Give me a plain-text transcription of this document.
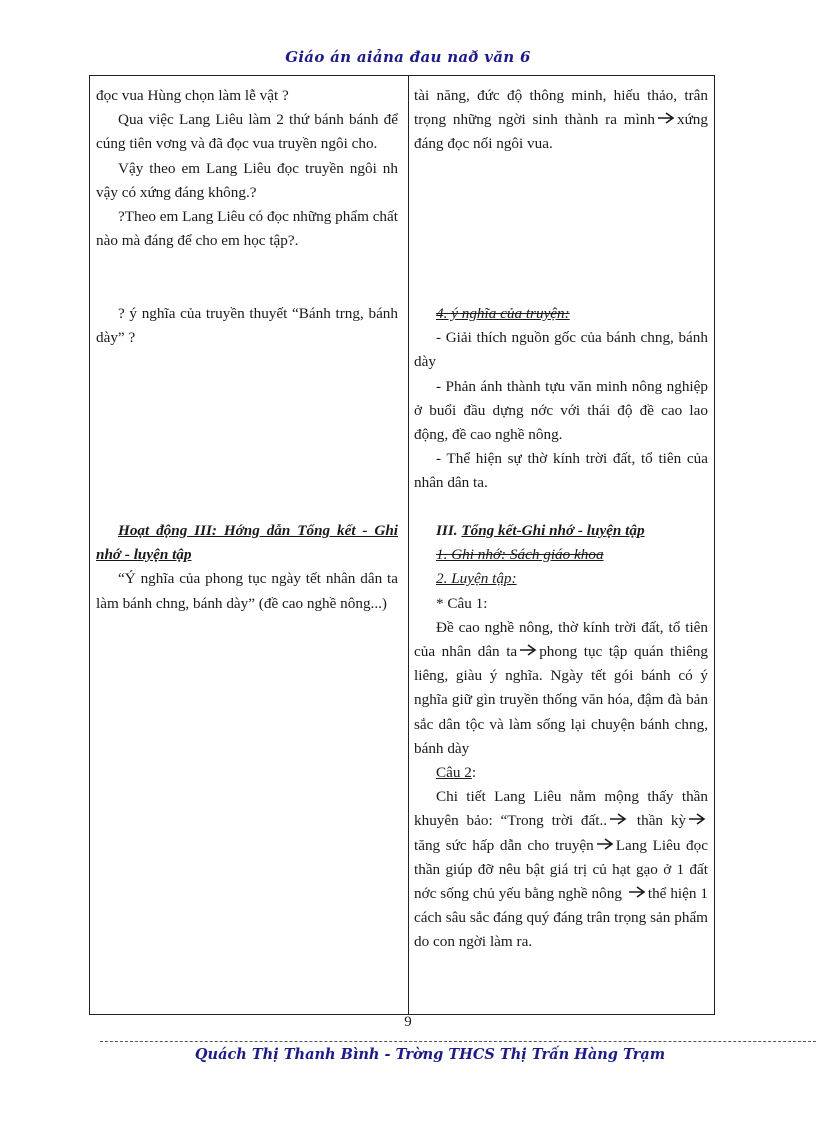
Giáo án aiảna đau nað văn 6

đọc vua Hùng chọn làm lễ vật ?

Qua việc Lang Liêu làm 2 thứ bánh bánh để cúng tiên vơng và đã đọc vua truyền ngôi cho.

Vậy theo em Lang Liêu đọc truyền ngôi nh vậy có xứng đáng không.?

?Theo em Lang Liêu có đọc những phẩm chất nào mà đáng để cho em học tập?.

? ý nghĩa của truyền thuyết “Bánh trng, bánh dày” ?

Hoạt động III: Hớng dẫn Tổng kết - Ghi nhớ - luyện tập

“Ý nghĩa của phong tục ngày tết nhân dân ta làm bánh chng, bánh dày” (đề cao nghề nông...)

tài năng, đức độ thông minh, hiếu thảo, trân trọng những ngời sinh thành ra mình xứng đáng đọc nối ngôi vua.

4. ý nghĩa của truyện:

- Giải thích nguồn gốc của bánh chng, bánh dày

- Phản ánh thành tựu văn minh nông nghiệp ở buổi đầu dựng nớc với thái độ đề cao lao động, đề cao nghề nông.

- Thể hiện sự thờ kính trời đất, tổ tiên của nhân dân ta.

III. Tổng kết-Ghi nhớ - luyện tập

1. Ghi nhớ: Sách giáo khoa

2. Luyện tập:

* Câu 1:

Đề cao nghề nông, thờ kính trời đất, tổ tiên của nhân dân ta phong tục tập quán thiêng liêng, giàu ý nghĩa. Ngày tết gói bánh có ý nghĩa giữ gìn truyền thống văn hóa, đậm đà bản sắc dân tộc và làm sống lại chuyện bánh chng, bánh dày

Câu 2:

Chi tiết Lang Liêu nằm mộng thấy thần khuyên bảo: “Trong trời đất.. thần kỳtăng sức hấp dẫn cho truyện Lang Liêu đọc thần giúp đỡ nêu bật giá trị củ hạt gạo ở 1 đất nớc sống chủ yếu bằng nghề nông thể hiện 1 cách sâu sắc đáng quý đáng trân trọng sản phẩm do con ngời làm ra.

9
Quách Thị Thanh Bình - Trờng THCS Thị Trấn Hàng Trạm
